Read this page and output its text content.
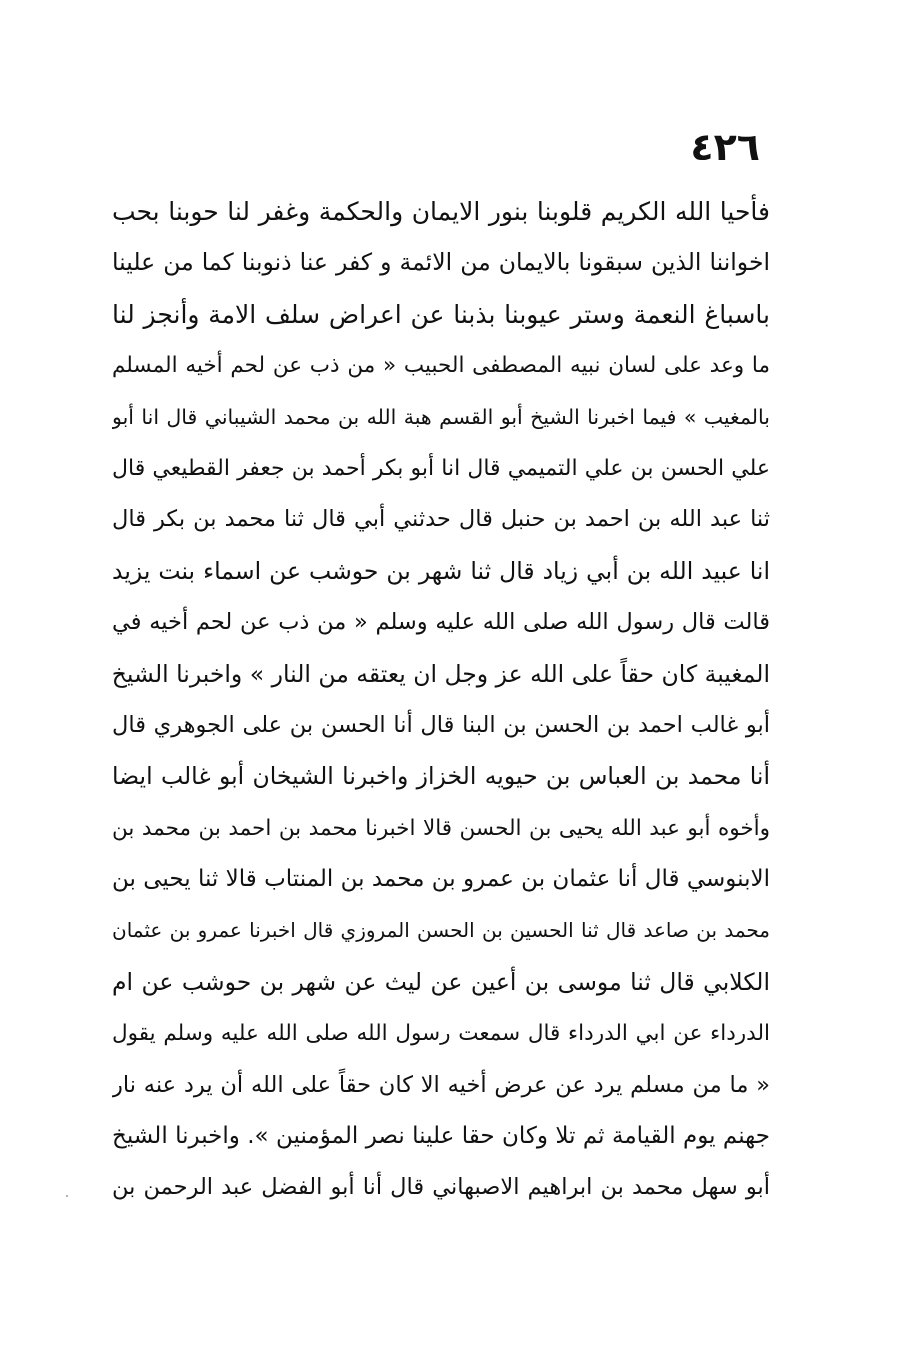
٤٢٦
فأحيا الله الكريم قلوبنا بنور الايمان والحكمة وغفر لنا حوبنا بحب
اخواننا الذين سبقونا بالايمان من الائمة و كفر عنا ذنوبنا كما من علينا
باسباغ النعمة وستر عيوبنا بذبنا عن اعراض سلف الامة وأنجز لنا
ما وعد على لسان نبيه المصطفى الحبيب « من ذب عن لحم أخيه المسلم
بالمغيب » فيما اخبرنا الشيخ أبو القسم هبة الله بن محمد الشيباني قال انا أبو
علي الحسن بن علي التميمي قال انا أبو بكر أحمد بن جعفر القطيعي قال
ثنا عبد الله بن احمد بن حنبل قال حدثني أبي قال ثنا محمد بن بكر قال
انا عبيد الله بن أبي زياد قال ثنا شهر بن حوشب عن اسماء بنت يزيد
قالت قال رسول الله صلى الله عليه وسلم « من ذب عن لحم أخيه في
المغيبة كان حقاً على الله عز وجل ان يعتقه من النار » واخبرنا الشيخ
أبو غالب احمد بن الحسن بن البنا قال أنا الحسن بن على الجوهري قال
أنا محمد بن العباس بن حيويه الخزاز واخبرنا الشيخان أبو غالب ايضا
وأخوه أبو عبد الله يحيى بن الحسن قالا اخبرنا محمد بن احمد بن محمد بن
الابنوسي قال أنا عثمان بن عمرو بن محمد بن المنتاب قالا ثنا يحيى بن
محمد بن صاعد قال ثنا الحسين بن الحسن المروزي قال اخبرنا عمرو بن عثمان
الكلابي قال ثنا موسى بن أعين عن ليث عن شهر بن حوشب عن ام
الدرداء عن ابي الدرداء قال سمعت رسول الله صلى الله عليه وسلم يقول
« ما من مسلم يرد عن عرض أخيه الا كان حقاً على الله أن يرد عنه نار
جهنم يوم القيامة ثم تلا وكان حقا علينا نصر المؤمنين ». واخبرنا الشيخ
أبو سهل محمد بن ابراهيم الاصبهاني قال أنا أبو الفضل عبد الرحمن بن
